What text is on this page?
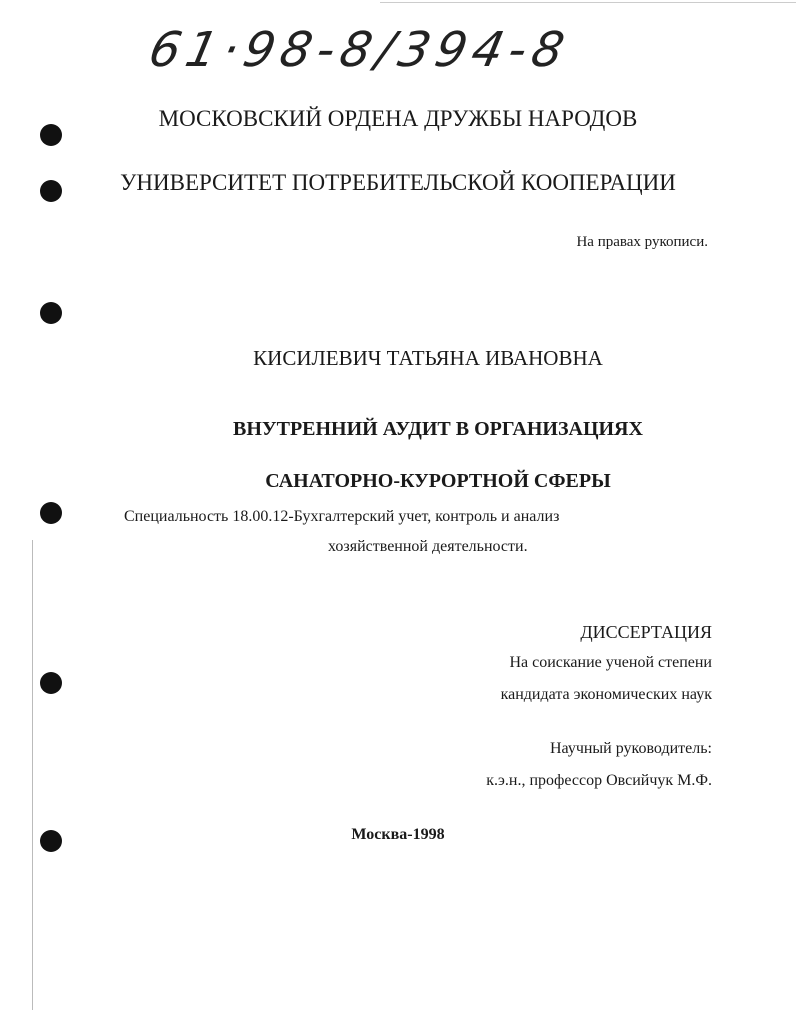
61·98-8/394-8
МОСКОВСКИЙ ОРДЕНА ДРУЖБЫ НАРОДОВ
УНИВЕРСИТЕТ ПОТРЕБИТЕЛЬСКОЙ КООПЕРАЦИИ
На правах рукописи.
КИСИЛЕВИЧ ТАТЬЯНА ИВАНОВНА
ВНУТРЕННИЙ АУДИТ В ОРГАНИЗАЦИЯХ
САНАТОРНО-КУРОРТНОЙ СФЕРЫ
Специальность 18.00.12-Бухгалтерский учет, контроль и анализ
хозяйственной деятельности.
ДИССЕРТАЦИЯ
На соискание ученой степени
кандидата экономических наук
Научный руководитель:
к.э.н., профессор Овсийчук М.Ф.
Москва-1998
